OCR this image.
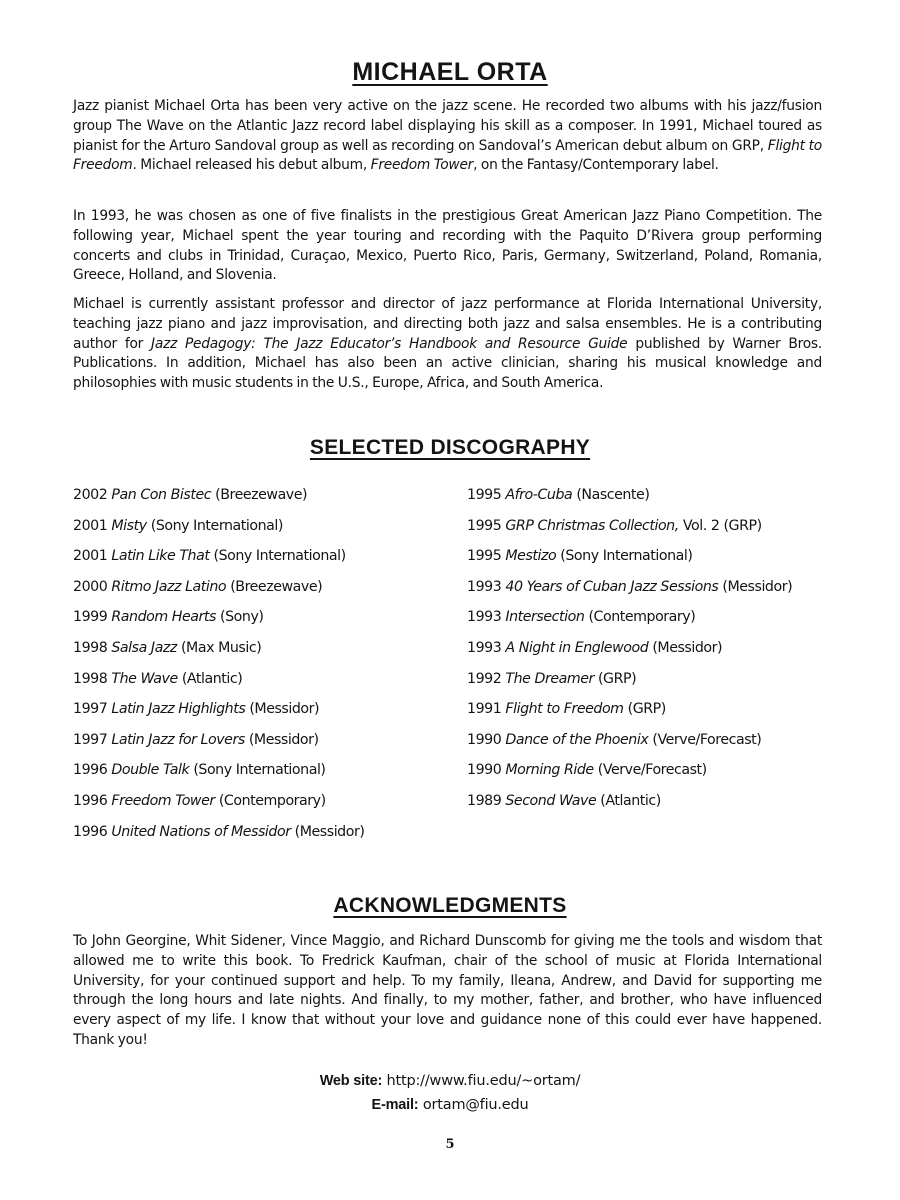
MICHAEL ORTA

Jazz pianist Michael Orta has been very active on the jazz scene. He recorded two albums with his jazz/fusion group The Wave on the Atlantic Jazz record label displaying his skill as a composer. In 1991, Michael toured as pianist for the Arturo Sandoval group as well as recording on Sandoval’s American debut album on GRP, Flight to Freedom. Michael released his debut album, Freedom Tower, on the Fantasy/Contemporary label.

In 1993, he was chosen as one of five finalists in the prestigious Great American Jazz Piano Competition. The following year, Michael spent the year touring and recording with the Paquito D’Rivera group performing concerts and clubs in Trinidad, Curaçao, Mexico, Puerto Rico, Paris, Germany, Switzerland, Poland, Romania, Greece, Holland, and Slovenia.

Michael is currently assistant professor and director of jazz performance at Florida International University, teaching jazz piano and jazz improvisation, and directing both jazz and salsa ensembles. He is a contributing author for Jazz Pedagogy: The Jazz Educator’s Handbook and Resource Guide published by Warner Bros. Publications. In addition, Michael has also been an active clinician, sharing his musical knowledge and philosophies with music students in the U.S., Europe, Africa, and South America.

SELECTED DISCOGRAPHY
2002 Pan Con Bistec (Breezewave)
2001 Misty (Sony International)
2001 Latin Like That (Sony International)
2000 Ritmo Jazz Latino (Breezewave)
1999 Random Hearts (Sony)
1998 Salsa Jazz (Max Music)
1998 The Wave (Atlantic)
1997 Latin Jazz Highlights (Messidor)
1997 Latin Jazz for Lovers (Messidor)
1996 Double Talk (Sony International)
1996 Freedom Tower (Contemporary)
1996 United Nations of Messidor (Messidor)
1995 Afro-Cuba (Nascente)
1995 GRP Christmas Collection, Vol. 2 (GRP)
1995 Mestizo (Sony International)
1993 40 Years of Cuban Jazz Sessions (Messidor)
1993 Intersection (Contemporary)
1993 A Night in Englewood (Messidor)
1992 The Dreamer (GRP)
1991 Flight to Freedom (GRP)
1990 Dance of the Phoenix (Verve/Forecast)
1990 Morning Ride (Verve/Forecast)
1989 Second Wave (Atlantic)
ACKNOWLEDGMENTS

To John Georgine, Whit Sidener, Vince Maggio, and Richard Dunscomb for giving me the tools and wisdom that allowed me to write this book. To Fredrick Kaufman, chair of the school of music at Florida International University, for your continued support and help. To my family, Ileana, Andrew, and David for supporting me through the long hours and late nights. And finally, to my mother, father, and brother, who have influenced every aspect of my life. I know that without your love and guidance none of this could ever have happened. Thank you!

Web site: http://www.fiu.edu/~ortam/
E-mail: ortam@fiu.edu
5
